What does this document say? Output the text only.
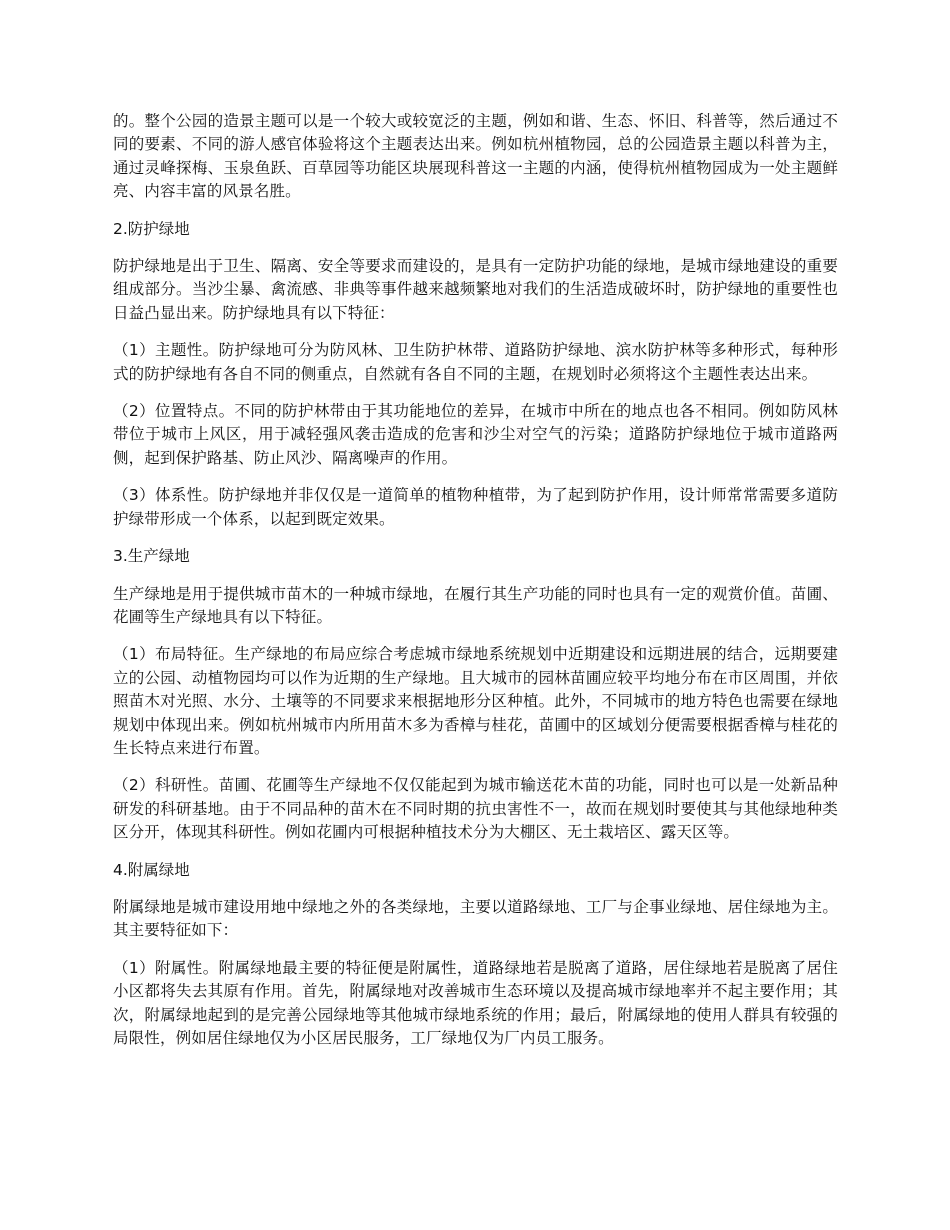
的。整个公园的造景主题可以是一个较大或较宽泛的主题，例如和谐、生态、怀旧、科普等，然后通过不同的要素、不同的游人感官体验将这个主题表达出来。例如杭州植物园，总的公园造景主题以科普为主，通过灵峰探梅、玉泉鱼跃、百草园等功能区块展现科普这一主题的内涵，使得杭州植物园成为一处主题鲜亮、内容丰富的风景名胜。

2.防护绿地

防护绿地是出于卫生、隔离、安全等要求而建设的，是具有一定防护功能的绿地，是城市绿地建设的重要组成部分。当沙尘暴、禽流感、非典等事件越来越频繁地对我们的生活造成破坏时，防护绿地的重要性也日益凸显出来。防护绿地具有以下特征：

（1）主题性。防护绿地可分为防风林、卫生防护林带、道路防护绿地、滨水防护林等多种形式，每种形式的防护绿地有各自不同的侧重点，自然就有各自不同的主题，在规划时必须将这个主题性表达出来。

（2）位置特点。不同的防护林带由于其功能地位的差异，在城市中所在的地点也各不相同。例如防风林带位于城市上风区，用于减轻强风袭击造成的危害和沙尘对空气的污染；道路防护绿地位于城市道路两侧，起到保护路基、防止风沙、隔离噪声的作用。

（3）体系性。防护绿地并非仅仅是一道简单的植物种植带，为了起到防护作用，设计师常常需要多道防护绿带形成一个体系，以起到既定效果。

3.生产绿地

生产绿地是用于提供城市苗木的一种城市绿地，在履行其生产功能的同时也具有一定的观赏价值。苗圃、花圃等生产绿地具有以下特征。

（1）布局特征。生产绿地的布局应综合考虑城市绿地系统规划中近期建设和远期进展的结合，远期要建立的公园、动植物园均可以作为近期的生产绿地。且大城市的园林苗圃应较平均地分布在市区周围，并依照苗木对光照、水分、土壤等的不同要求来根据地形分区种植。此外，不同城市的地方特色也需要在绿地规划中体现出来。例如杭州城市内所用苗木多为香樟与桂花，苗圃中的区域划分便需要根据香樟与桂花的生长特点来进行布置。

（2）科研性。苗圃、花圃等生产绿地不仅仅能起到为城市输送花木苗的功能，同时也可以是一处新品种研发的科研基地。由于不同品种的苗木在不同时期的抗虫害性不一，故而在规划时要使其与其他绿地种类区分开，体现其科研性。例如花圃内可根据种植技术分为大棚区、无土栽培区、露天区等。

4.附属绿地

附属绿地是城市建设用地中绿地之外的各类绿地，主要以道路绿地、工厂与企事业绿地、居住绿地为主。其主要特征如下：

（1）附属性。附属绿地最主要的特征便是附属性，道路绿地若是脱离了道路，居住绿地若是脱离了居住小区都将失去其原有作用。首先，附属绿地对改善城市生态环境以及提高城市绿地率并不起主要作用；其次，附属绿地起到的是完善公园绿地等其他城市绿地系统的作用；最后，附属绿地的使用人群具有较强的局限性，例如居住绿地仅为小区居民服务，工厂绿地仅为厂内员工服务。
